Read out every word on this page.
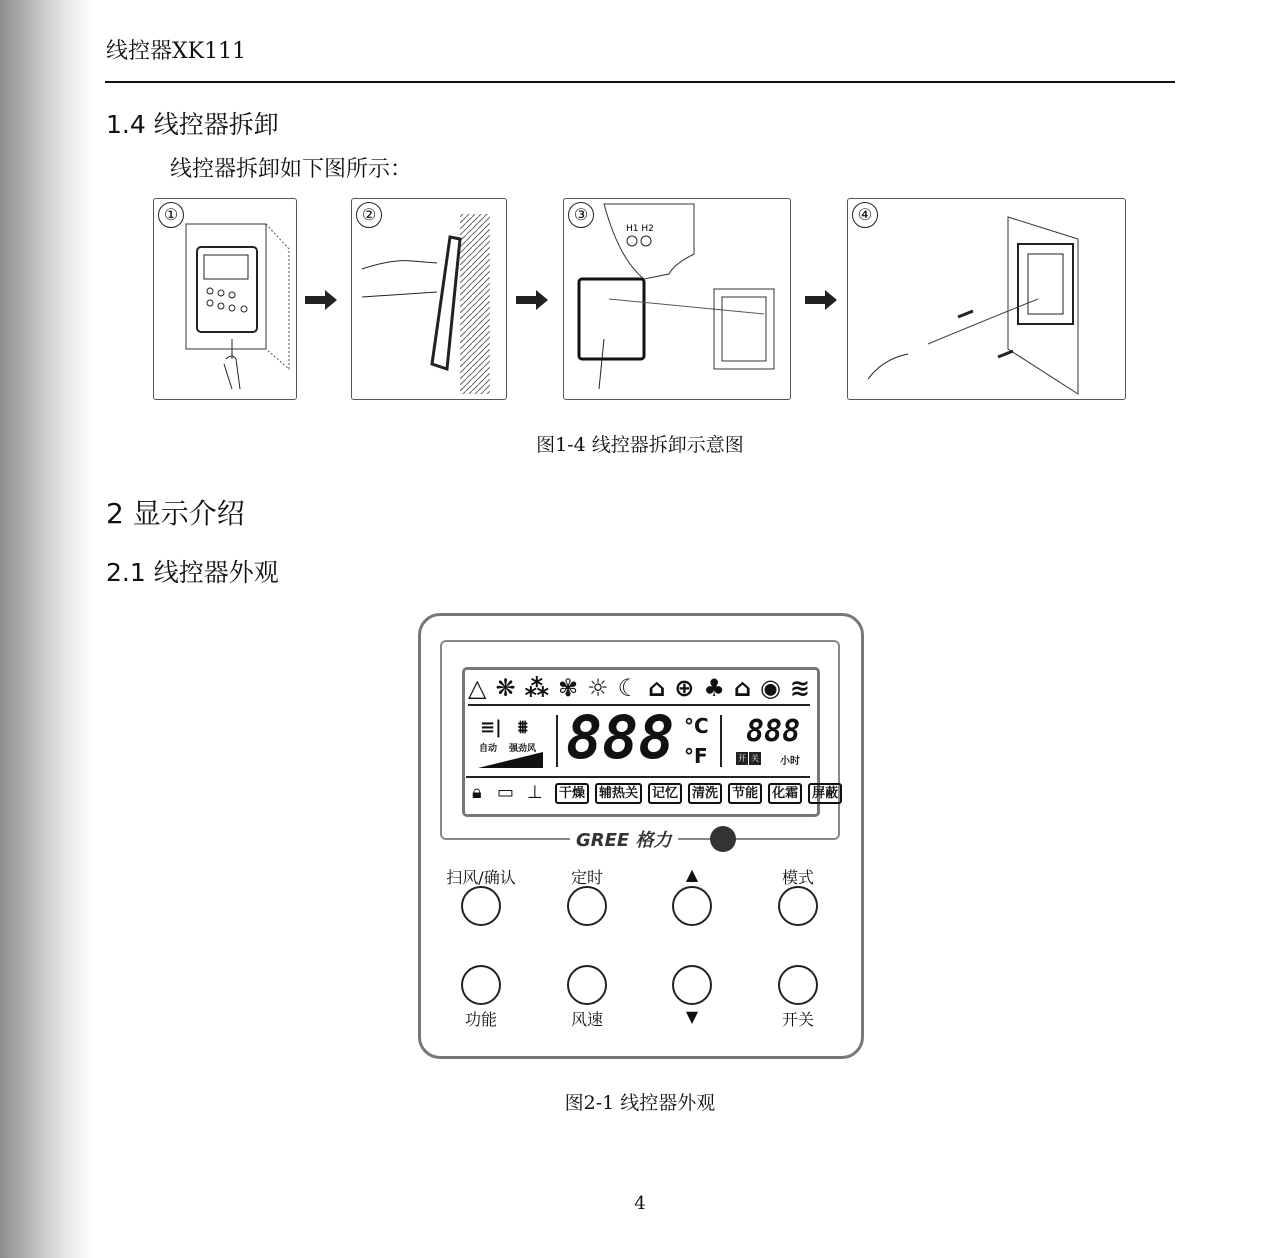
线控器XK111
1.4 线控器拆卸
线控器拆卸如下图所示：
①	②	③
H1 H2
④
图1-4 线控器拆卸示意图
2 显示介绍
2.1 线控器外观
△ ❋ ⁂ ✾ ☼ ☾ ⌂ ⊕ ♣ ⌂ ◉ ≋
≡| ⩩
自动 强劲风 888 °C
°F
888
开 关 小时
🔒︎ ▭ ⊥	干燥	辅热关	记忆	清洗	节能	化霜	屏蔽
GREE 格力
扫风/确认	定时	▲	模式
功能	风速	▼	开关
图2-1 线控器外观
4
